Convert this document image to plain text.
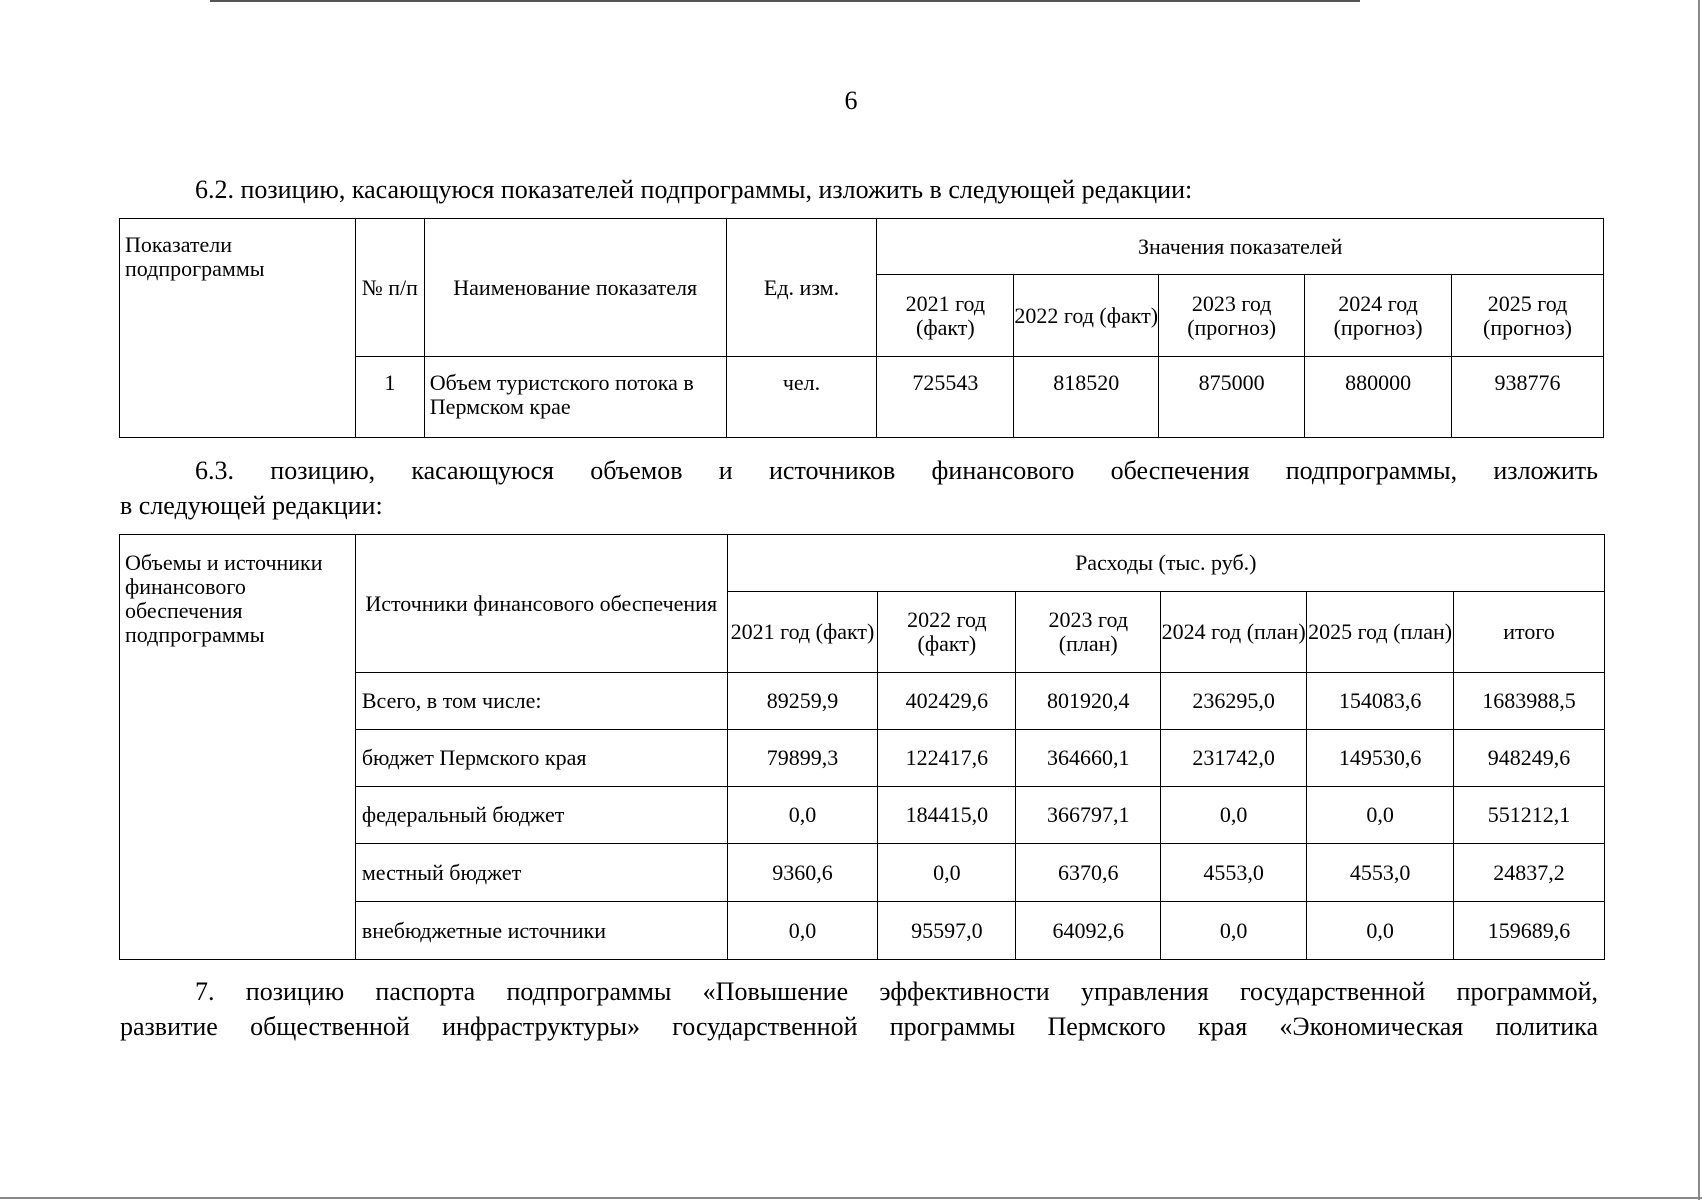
6

6.2. позицию, касающуюся показателей подпрограммы, изложить в следующей редакции:

Показатели подпрограммы	№ п/п	Наименование показателя	Ед. изм.	Значения показателей				
				2021 год (факт)	2022 год (факт)	2023 год (прогноз)	2024 год (прогноз)	2025 год (прогноз)
	1	Объем туристского потока в Пермском крае	чел.	725543	818520	875000	880000	938776

6.3. позицию, касающуюся объемов и источников финансового обеспечения подпрограммы, изложить

в следующей редакции:

Объемы и источники финансового обеспечения подпрограммы	Источники финансового обеспечения	Расходы (тыс. руб.)					
		2021 год (факт)	2022 год (факт)	2023 год (план)	2024 год (план)	2025 год (план)	итого
	Всего, в том числе:	89259,9	402429,6	801920,4	236295,0	154083,6	1683988,5
	бюджет Пермского края	79899,3	122417,6	364660,1	231742,0	149530,6	948249,6
	федеральный бюджет	0,0	184415,0	366797,1	0,0	0,0	551212,1
	местный бюджет	9360,6	0,0	6370,6	4553,0	4553,0	24837,2
	внебюджетные источники	0,0	95597,0	64092,6	0,0	0,0	159689,6

7. позицию паспорта подпрограммы «Повышение эффективности управления государственной программой,

развитие общественной инфраструктуры» государственной программы Пермского края «Экономическая политика
